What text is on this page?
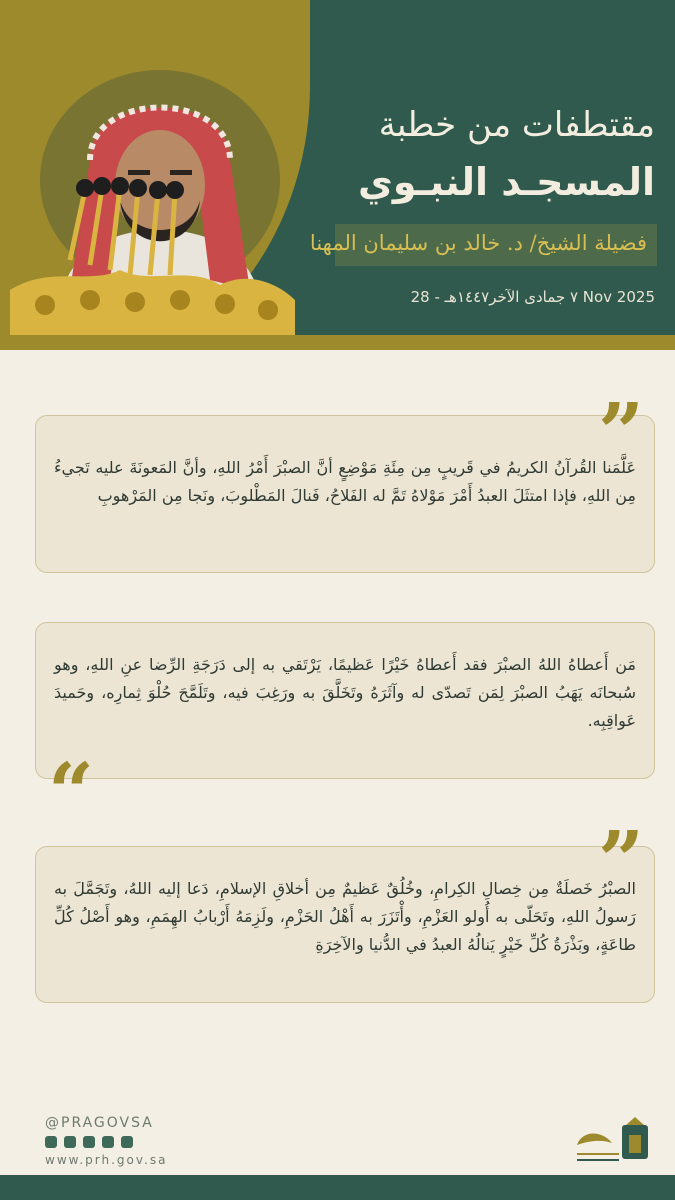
مقتطفات من خطبة
المسجـد النبـوي
فضيلة الشيخ/ د. خالد بن سليمان المهنا
٧ جمادى الآخر١٤٤٧هـ - 28 Nov 2025
عَلَّمَنا القُرآنُ الكريمُ في قَريبٍ مِن مِئَةِ مَوْضِعٍ أنَّ الصبْرَ أَمْرُ اللهِ، وأنَّ المَعونَةَ عليه تَجيءُ مِن اللهِ، فإذا امتثَلَ العبدُ أَمْرَ مَوْلاهُ تَمَّ له الفَلاحُ، فَنالَ المَطْلوبَ، ونَجا مِن المَرْهوبِ
”
مَن أَعطاهُ اللهُ الصبْرَ فقد أَعطاهُ خَيْرًا عَظيمًا، يَرْتَقي به إلى دَرَجَةِ الرِّضا عنِ اللهِ، وهو سُبحانَه يَهَبُ الصبْرَ لِمَن تَصدّى له وآثَرَهُ وتَخَلَّقَ به ورَغِبَ فيه، وتَلَمَّحَ حُلْوَ ثِمارِه، وحَميدَ عَواقِبِه.
“
الصبْرُ خَصلَةٌ مِن خِصالِ الكِرامِ، وخُلُقٌ عَظيمٌ مِن أخلاقِ الإسلامِ، دَعا إليه اللهُ، وتَجَمَّلَ به رَسولُ اللهِ، وتَحَلّى به أُولو العَزْمِ، وأْتَزَرَ به أَهْلُ الحَزْمِ، ولَزِمَهُ أَرْبابُ الهِمَمِ، وهو أَصْلُ كُلِّ طاعَةٍ، وبَذْرَةُ كُلِّ خَيْرٍ يَنالُهُ العبدُ في الدُّنيا والآخِرَةِ
”
@PRAGOVSA
www.prh.gov.sa
